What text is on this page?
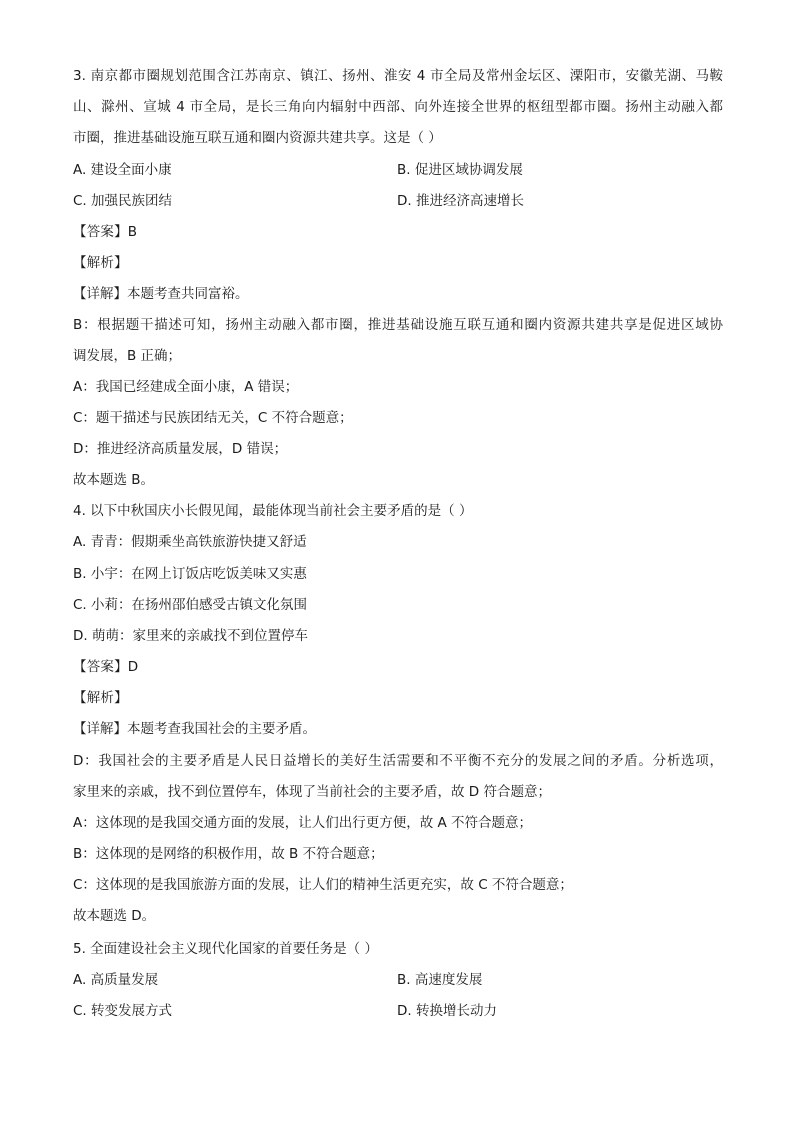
3. 南京都市圈规划范围含江苏南京、镇江、扬州、淮安 4 市全局及常州金坛区、溧阳市，安徽芜湖、马鞍
山、滁州、宣城 4 市全局，是长三角向内辐射中西部、向外连接全世界的枢纽型都市圈。扬州主动融入都
市圈，推进基础设施互联互通和圈内资源共建共享。这是（ ）
A. 建设全面小康	B. 促进区域协调发展
C. 加强民族团结	D. 推进经济高速增长
【答案】B
【解析】
【详解】本题考查共同富裕。
B：根据题干描述可知，扬州主动融入都市圈，推进基础设施互联互通和圈内资源共建共享是促进区域协
调发展，B 正确；
A：我国已经建成全面小康，A 错误；
C：题干描述与民族团结无关，C 不符合题意；
D：推进经济高质量发展，D 错误；
故本题选 B。
4. 以下中秋国庆小长假见闻，最能体现当前社会主要矛盾的是（ ）
A. 青青：假期乘坐高铁旅游快捷又舒适
B. 小宇：在网上订饭店吃饭美味又实惠
C. 小莉：在扬州邵伯感受古镇文化氛围
D. 萌萌：家里来的亲戚找不到位置停车
【答案】D
【解析】
【详解】本题考查我国社会的主要矛盾。
D：我国社会的主要矛盾是人民日益增长的美好生活需要和不平衡不充分的发展之间的矛盾。分析选项，
家里来的亲戚，找不到位置停车，体现了当前社会的主要矛盾，故 D 符合题意；
A：这体现的是我国交通方面的发展，让人们出行更方便，故 A 不符合题意；
B：这体现的是网络的积极作用，故 B 不符合题意；
C：这体现的是我国旅游方面的发展，让人们的精神生活更充实，故 C 不符合题意；
故本题选 D。
5. 全面建设社会主义现代化国家的首要任务是（ ）
A. 高质量发展	B. 高速度发展
C. 转变发展方式	D. 转换增长动力
